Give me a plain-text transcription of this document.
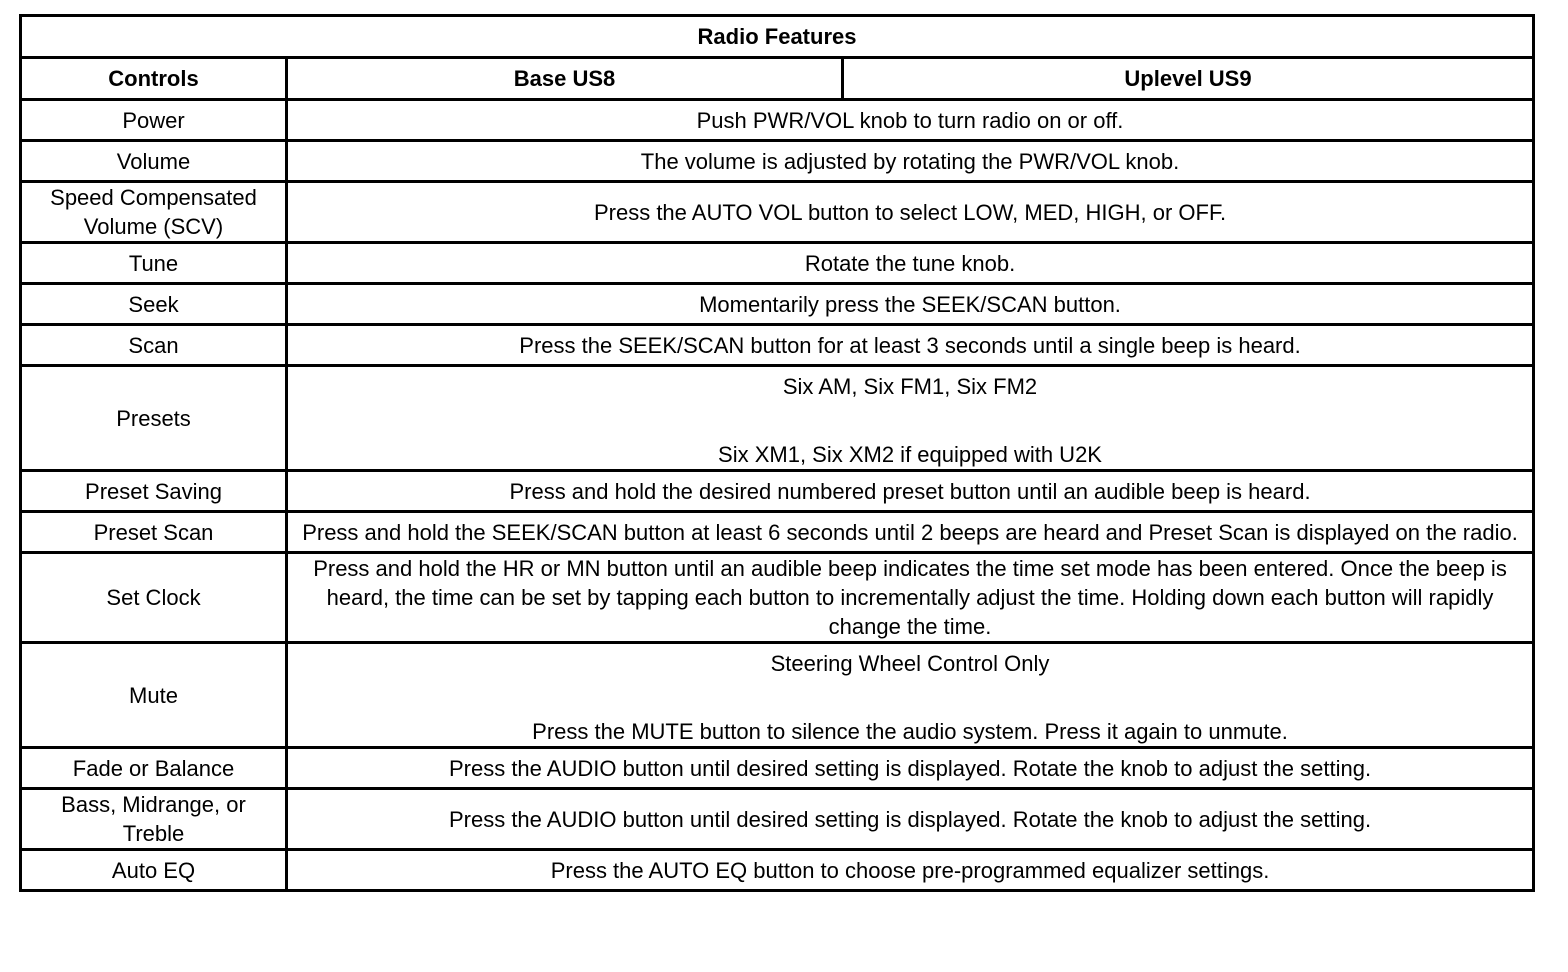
Radio Features		
Controls	Base US8	Uplevel US9
Power	Push PWR/VOL knob to turn radio on or off.	
Volume	The volume is adjusted by rotating the PWR/VOL knob.	
Speed Compensated Volume (SCV)	Press the AUTO VOL button to select LOW, MED, HIGH, or OFF.	
Tune	Rotate the tune knob.	
Seek	Momentarily press the SEEK/SCAN button.	
Scan	Press the SEEK/SCAN button for at least 3 seconds until a single beep is heard.	
Presets	Six AM, Six FM1, Six FM2
Six XM1, Six XM2 if equipped with U2K	

Preset Saving	Press and hold the desired numbered preset button until an audible beep is heard.	
Preset Scan	Press and hold the SEEK/SCAN button at least 6 seconds until 2 beeps are heard and Preset Scan is displayed on the radio.	
Set Clock	Press and hold the HR or MN button until an audible beep indicates the time set mode has been entered. Once the beep is heard, the time can be set by tapping each button to incrementally adjust the time. Holding down each button will rapidly change the time.	
Mute	Steering Wheel Control Only
Press the MUTE button to silence the audio system. Press it again to unmute.	

Fade or Balance	Press the AUDIO button until desired setting is displayed. Rotate the knob to adjust the setting.	
Bass, Midrange, or Treble	Press the AUDIO button until desired setting is displayed. Rotate the knob to adjust the setting.	
Auto EQ	Press the AUTO EQ button to choose pre-programmed equalizer settings.	
